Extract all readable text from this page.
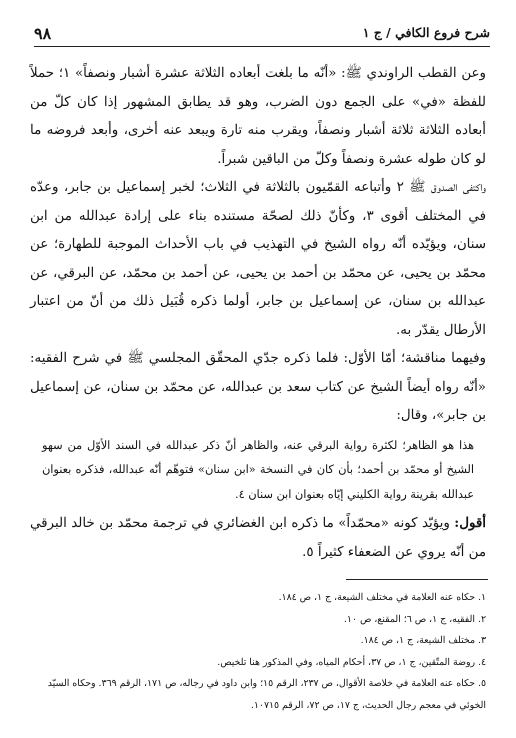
٩٨	شرح فروع الكافي / ج ١

وعن القطب الراوندي ﷺ: «أنّه ما بلغت أبعاده الثلاثة عشرة أشبار ونصفاً» ١؛ حملاً للفظة «في» على الجمع دون الضرب، وهو قد يطابق المشهور إذا كان كلّ من أبعاده الثلاثة ثلاثة أشبار ونصفاً، ويقرب منه تارة ويبعد عنه أخرى، وأبعد فروضه ما لو كان طوله عشرة ونصفاً وكلّ من الباقين شبراً.

واكتفى الصدوق ﷺ ٢ وأتباعه القمّيون بالثلاثة في الثلاث؛ لخبر إسماعيل بن جابر، وعدّه في المختلف أقوى ٣، وكأنّ ذلك لصحّة مستنده بناء على إرادة عبدالله من ابن سنان، ويؤيّده أنّه رواه الشيخ في التهذيب في باب الأحداث الموجبة للطهارة؛ عن محمّد بن يحيى، عن محمّد بن أحمد بن يحيى، عن أحمد بن محمّد، عن البرقي، عن عبدالله بن سنان، عن إسماعيل بن جابر، أولما ذكره قُبَيل ذلك من أنّ من اعتبار الأرطال يقدّر به.

وفيهما مناقشة؛ أمّا الأوّل: فلما ذكره جدّي المحقّق المجلسي ﷺ في شرح الفقيه: «أنّه رواه أيضاً الشيخ عن كتاب سعد بن عبدالله، عن محمّد بن سنان، عن إسماعيل بن جابر»، وقال:

هذا هو الظاهر؛ لكثرة رواية البرقي عنه، والظاهر أنّ ذكر عبدالله في السند الأوّل من سهو الشيخ أو محمّد بن أحمد؛ بأن كان في النسخة «ابن سنان» فتوهّم أنّه عبدالله، فذكره بعنوان عبدالله بقرينة رواية الكليني إيّاه بعنوان ابن سنان ٤.

أقول: ويؤيّد كونه «محمّداً» ما ذكره ابن الغضائري في ترجمة محمّد بن خالد البرقي من أنّه يروي عن الضعفاء كثيراً ٥.

١. حكاه عنه العلامة في مختلف الشيعة، ج ١، ص ١٨٤.
٢. الفقيه، ج ١، ص ٦؛ المقنع، ص ١٠.
٣. مختلف الشيعة، ج ١، ص ١٨٤.
٤. روضة المتّقين، ج ١، ص ٣٧، أحكام المياه، وفي المذكور هنا تلخيص.
٥. حكاه عنه العلامة في خلاصة الأقوال، ص ٢٣٧، الرقم ١٥؛ وابن داود في رجاله، ص ١٧١، الرقم ٣٦٩. وحكاه السيّد الخوئي في معجم رجال الحديث، ج ١٧، ص ٧٢، الرقم ١٠٧١٥.
